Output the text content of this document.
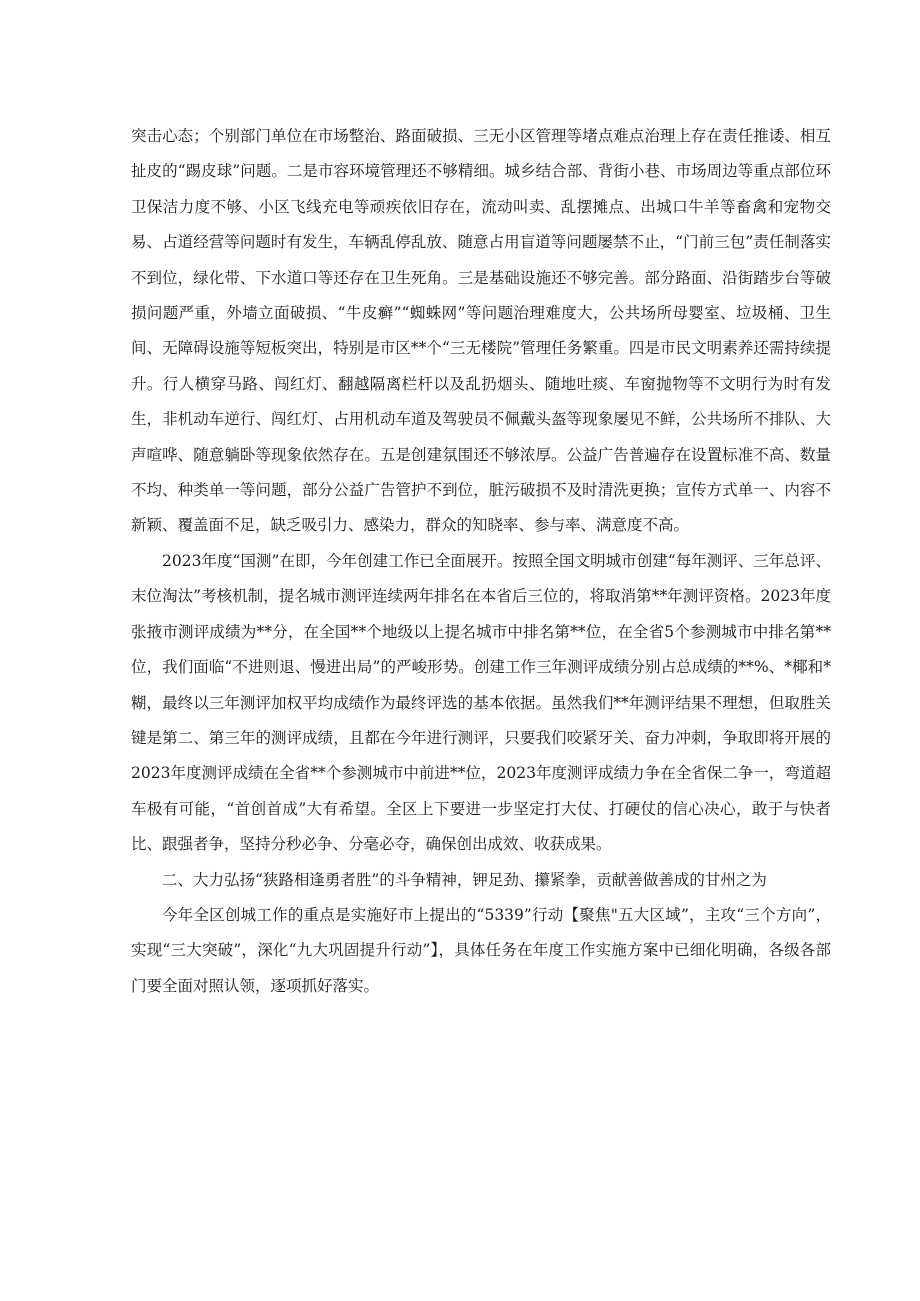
突击心态；个别部门单位在市场整治、路面破损、三无小区管理等堵点难点治理上存在责任推诿、相互扯皮的“踢皮球”问题。二是市容环境管理还不够精细。城乡结合部、背街小巷、市场周边等重点部位环卫保洁力度不够、小区飞线充电等顽疾依旧存在，流动叫卖、乱摆摊点、出城口牛羊等畜禽和宠物交易、占道经营等问题时有发生，车辆乱停乱放、随意占用盲道等问题屡禁不止，“门前三包”责任制落实不到位，绿化带、下水道口等还存在卫生死角。三是基础设施还不够完善。部分路面、沿街踏步台等破损问题严重，外墙立面破损、“牛皮癣”“蜘蛛网”等问题治理难度大，公共场所母婴室、垃圾桶、卫生间、无障碍设施等短板突出，特别是市区**个“三无楼院”管理任务繁重。四是市民文明素养还需持续提升。行人横穿马路、闯红灯、翻越隔离栏杆以及乱扔烟头、随地吐痰、车窗抛物等不文明行为时有发生，非机动车逆行、闯红灯、占用机动车道及驾驶员不佩戴头盔等现象屡见不鲜，公共场所不排队、大声喧哗、随意躺卧等现象依然存在。五是创建氛围还不够浓厚。公益广告普遍存在设置标准不高、数量不均、种类单一等问题，部分公益广告管护不到位，脏污破损不及时清洗更换；宣传方式单一、内容不新颖、覆盖面不足，缺乏吸引力、感染力，群众的知晓率、参与率、满意度不高。

2023年度“国测”在即，今年创建工作已全面展开。按照全国文明城市创建“每年测评、三年总评、末位淘汰”考核机制，提名城市测评连续两年排名在本省后三位的，将取消第**年测评资格。2023年度张掖市测评成绩为**分，在全国**个地级以上提名城市中排名第**位，在全省5个参测城市中排名第**位，我们面临“不进则退、慢进出局”的严峻形势。创建工作三年测评成绩分别占总成绩的**%、*椰和*糊，最终以三年测评加权平均成绩作为最终评选的基本依据。虽然我们**年测评结果不理想，但取胜关键是第二、第三年的测评成绩，且都在今年进行测评，只要我们咬紧牙关、奋力冲刺，争取即将开展的2023年度测评成绩在全省**个参测城市中前进**位，2023年度测评成绩力争在全省保二争一，弯道超车极有可能，“首创首成”大有希望。全区上下要进一步坚定打大仗、打硬仗的信心决心，敢于与快者比、跟强者争，坚持分秒必争、分毫必夺，确保创出成效、收获成果。

二、大力弘扬“狭路相逢勇者胜”的斗争精神，钾足劲、攥紧拳，贡献善做善成的甘州之为

今年全区创城工作的重点是实施好市上提出的“5339”行动【聚焦"五大区域”，主攻“三个方向”，实现“三大突破”，深化“九大巩固提升行动”】，具体任务在年度工作实施方案中已细化明确，各级各部门要全面对照认领，逐项抓好落实。
